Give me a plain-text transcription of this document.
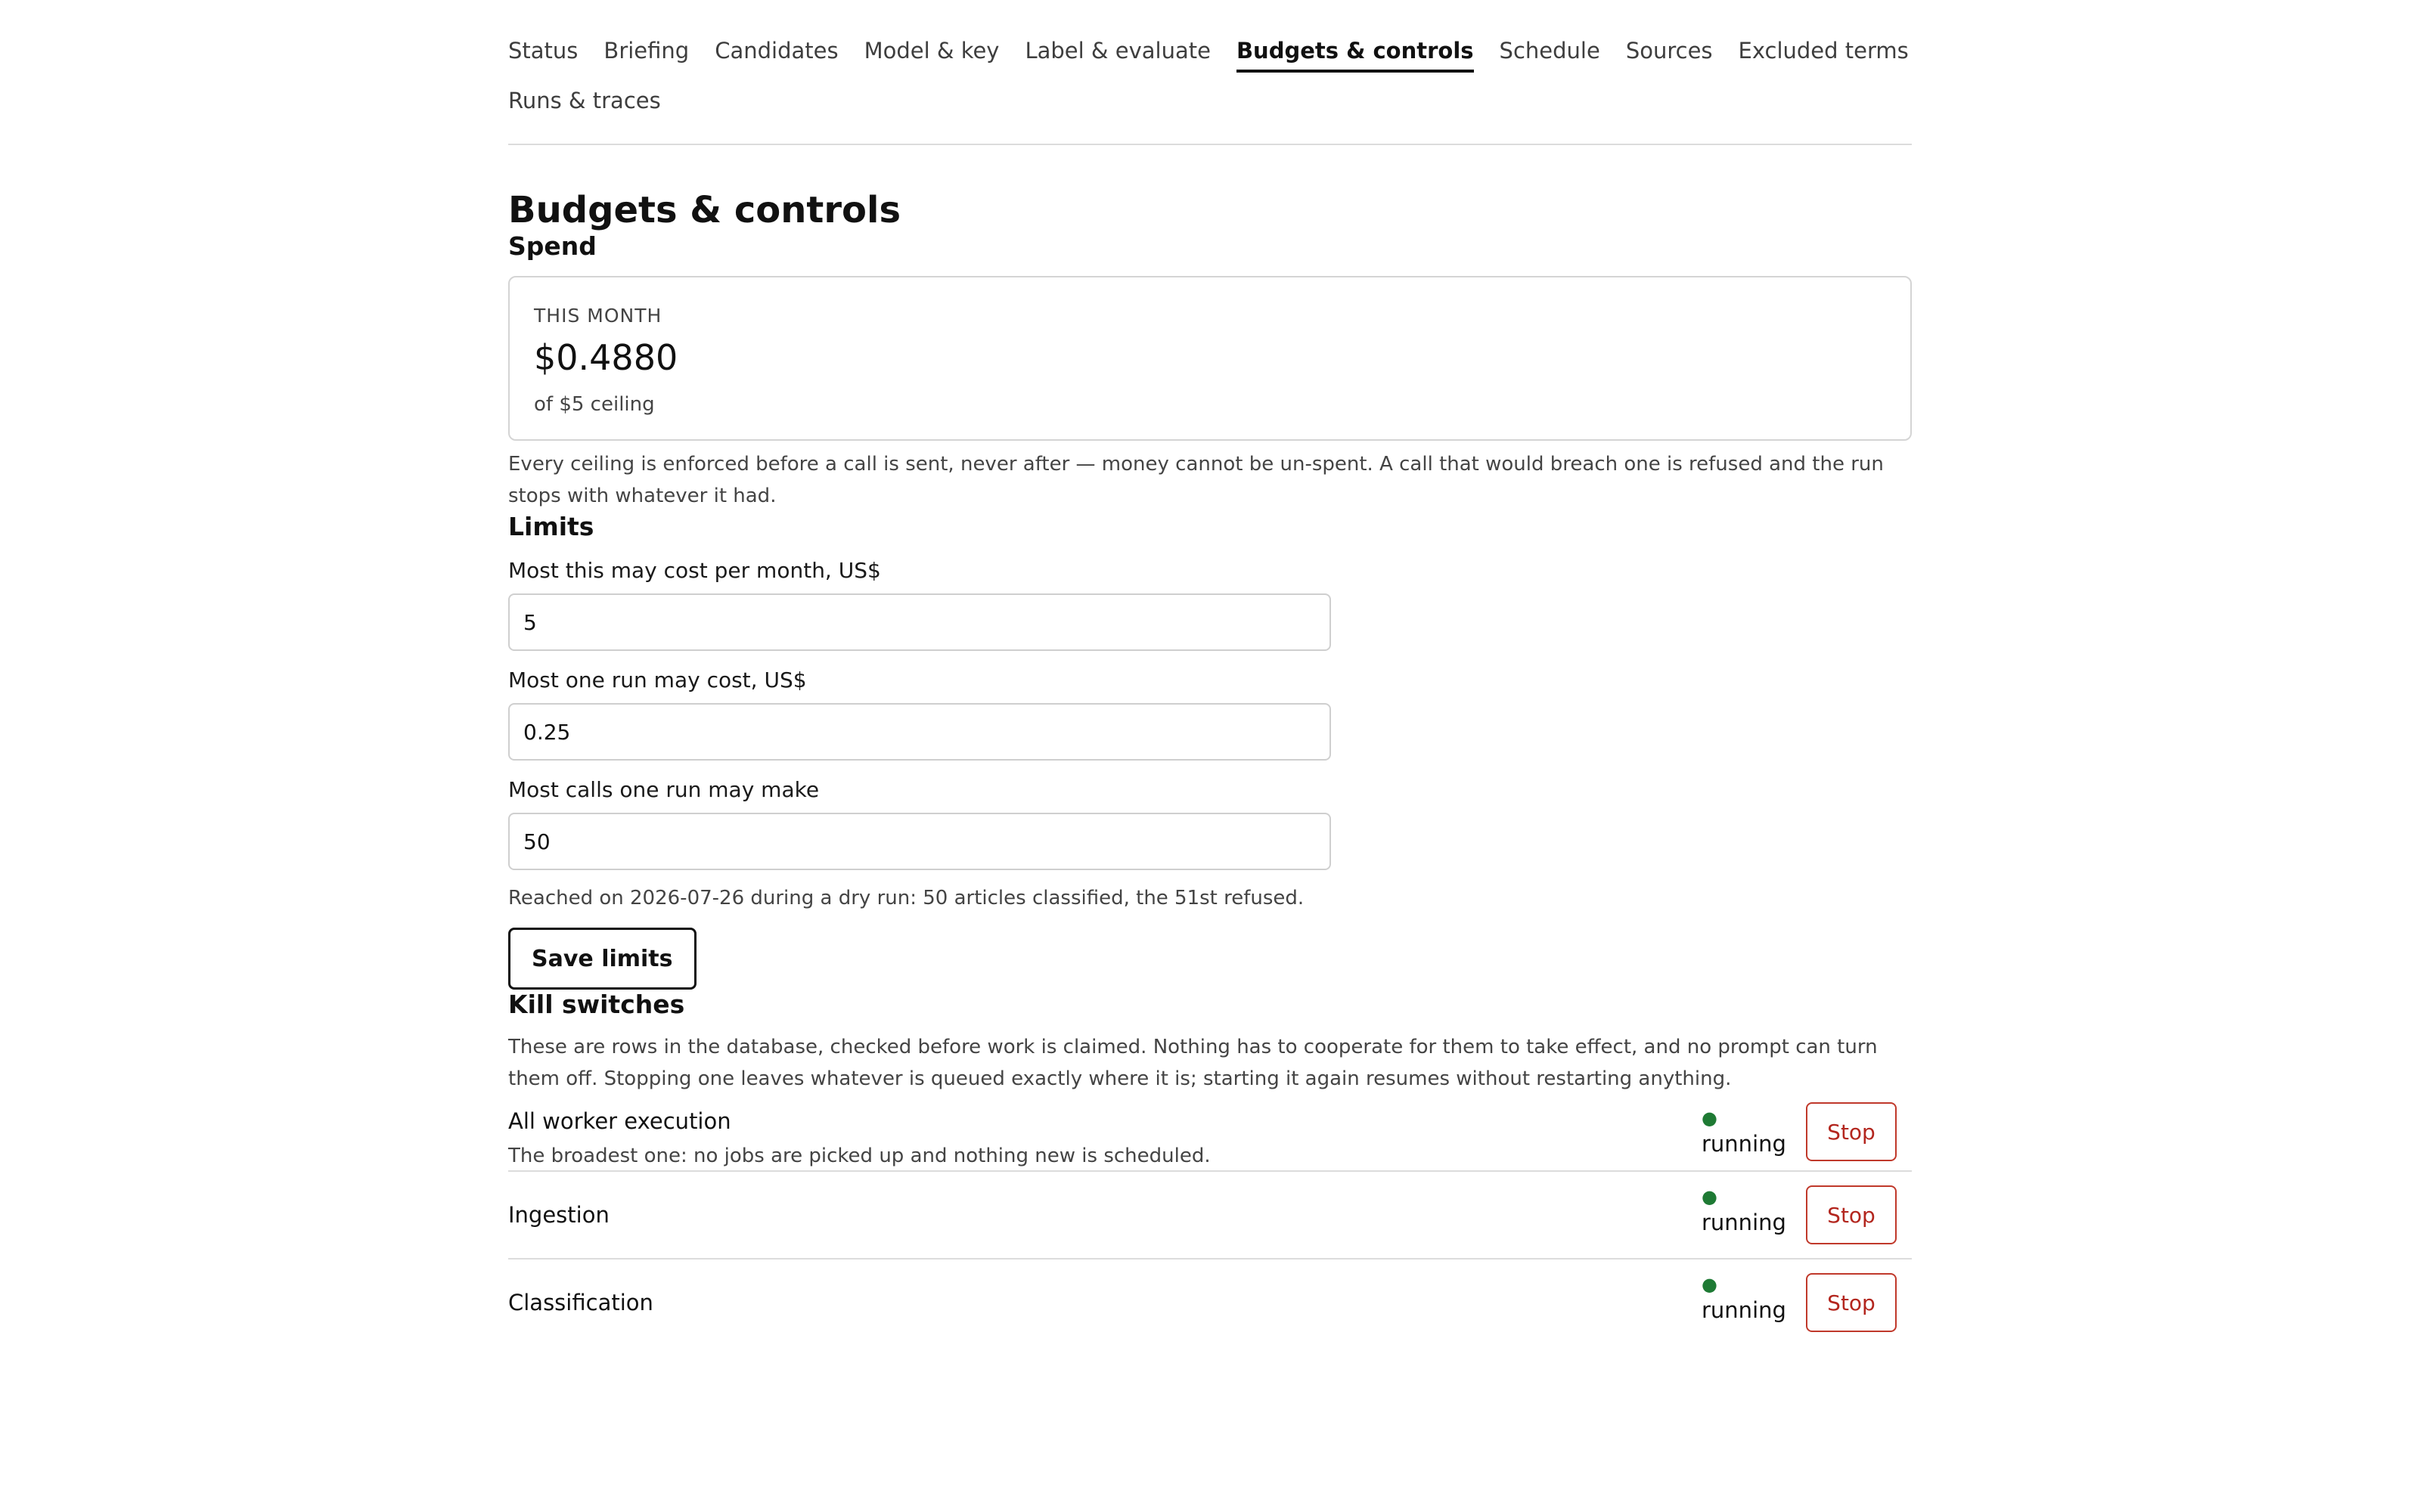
Status Briefing Candidates Model & key Label & evaluate Budgets & controls Schedule Sources Excluded terms
Runs & traces
Budgets & controls
Spend
THIS MONTH
$0.4880
of $5 ceiling
Every ceiling is enforced before a call is sent, never after — money cannot be un-spent. A call that would breach one is refused and the run stops with whatever it had.
Limits
Most this may cost per month, US$
5
Most one run may cost, US$
0.25
Most calls one run may make
50
Reached on 2026-07-26 during a dry run: 50 articles classified, the 51st refused.
Save limits
Kill switches
These are rows in the database, checked before work is claimed. Nothing has to cooperate for them to take effect, and no prompt can turn them off. Stopping one leaves whatever is queued exactly where it is; starting it again resumes without restarting anything.
All worker execution
The broadest one: no jobs are picked up and nothing new is scheduled.
●
running	Stop
Ingestion
●
running	Stop
Classification
●
running	Stop
